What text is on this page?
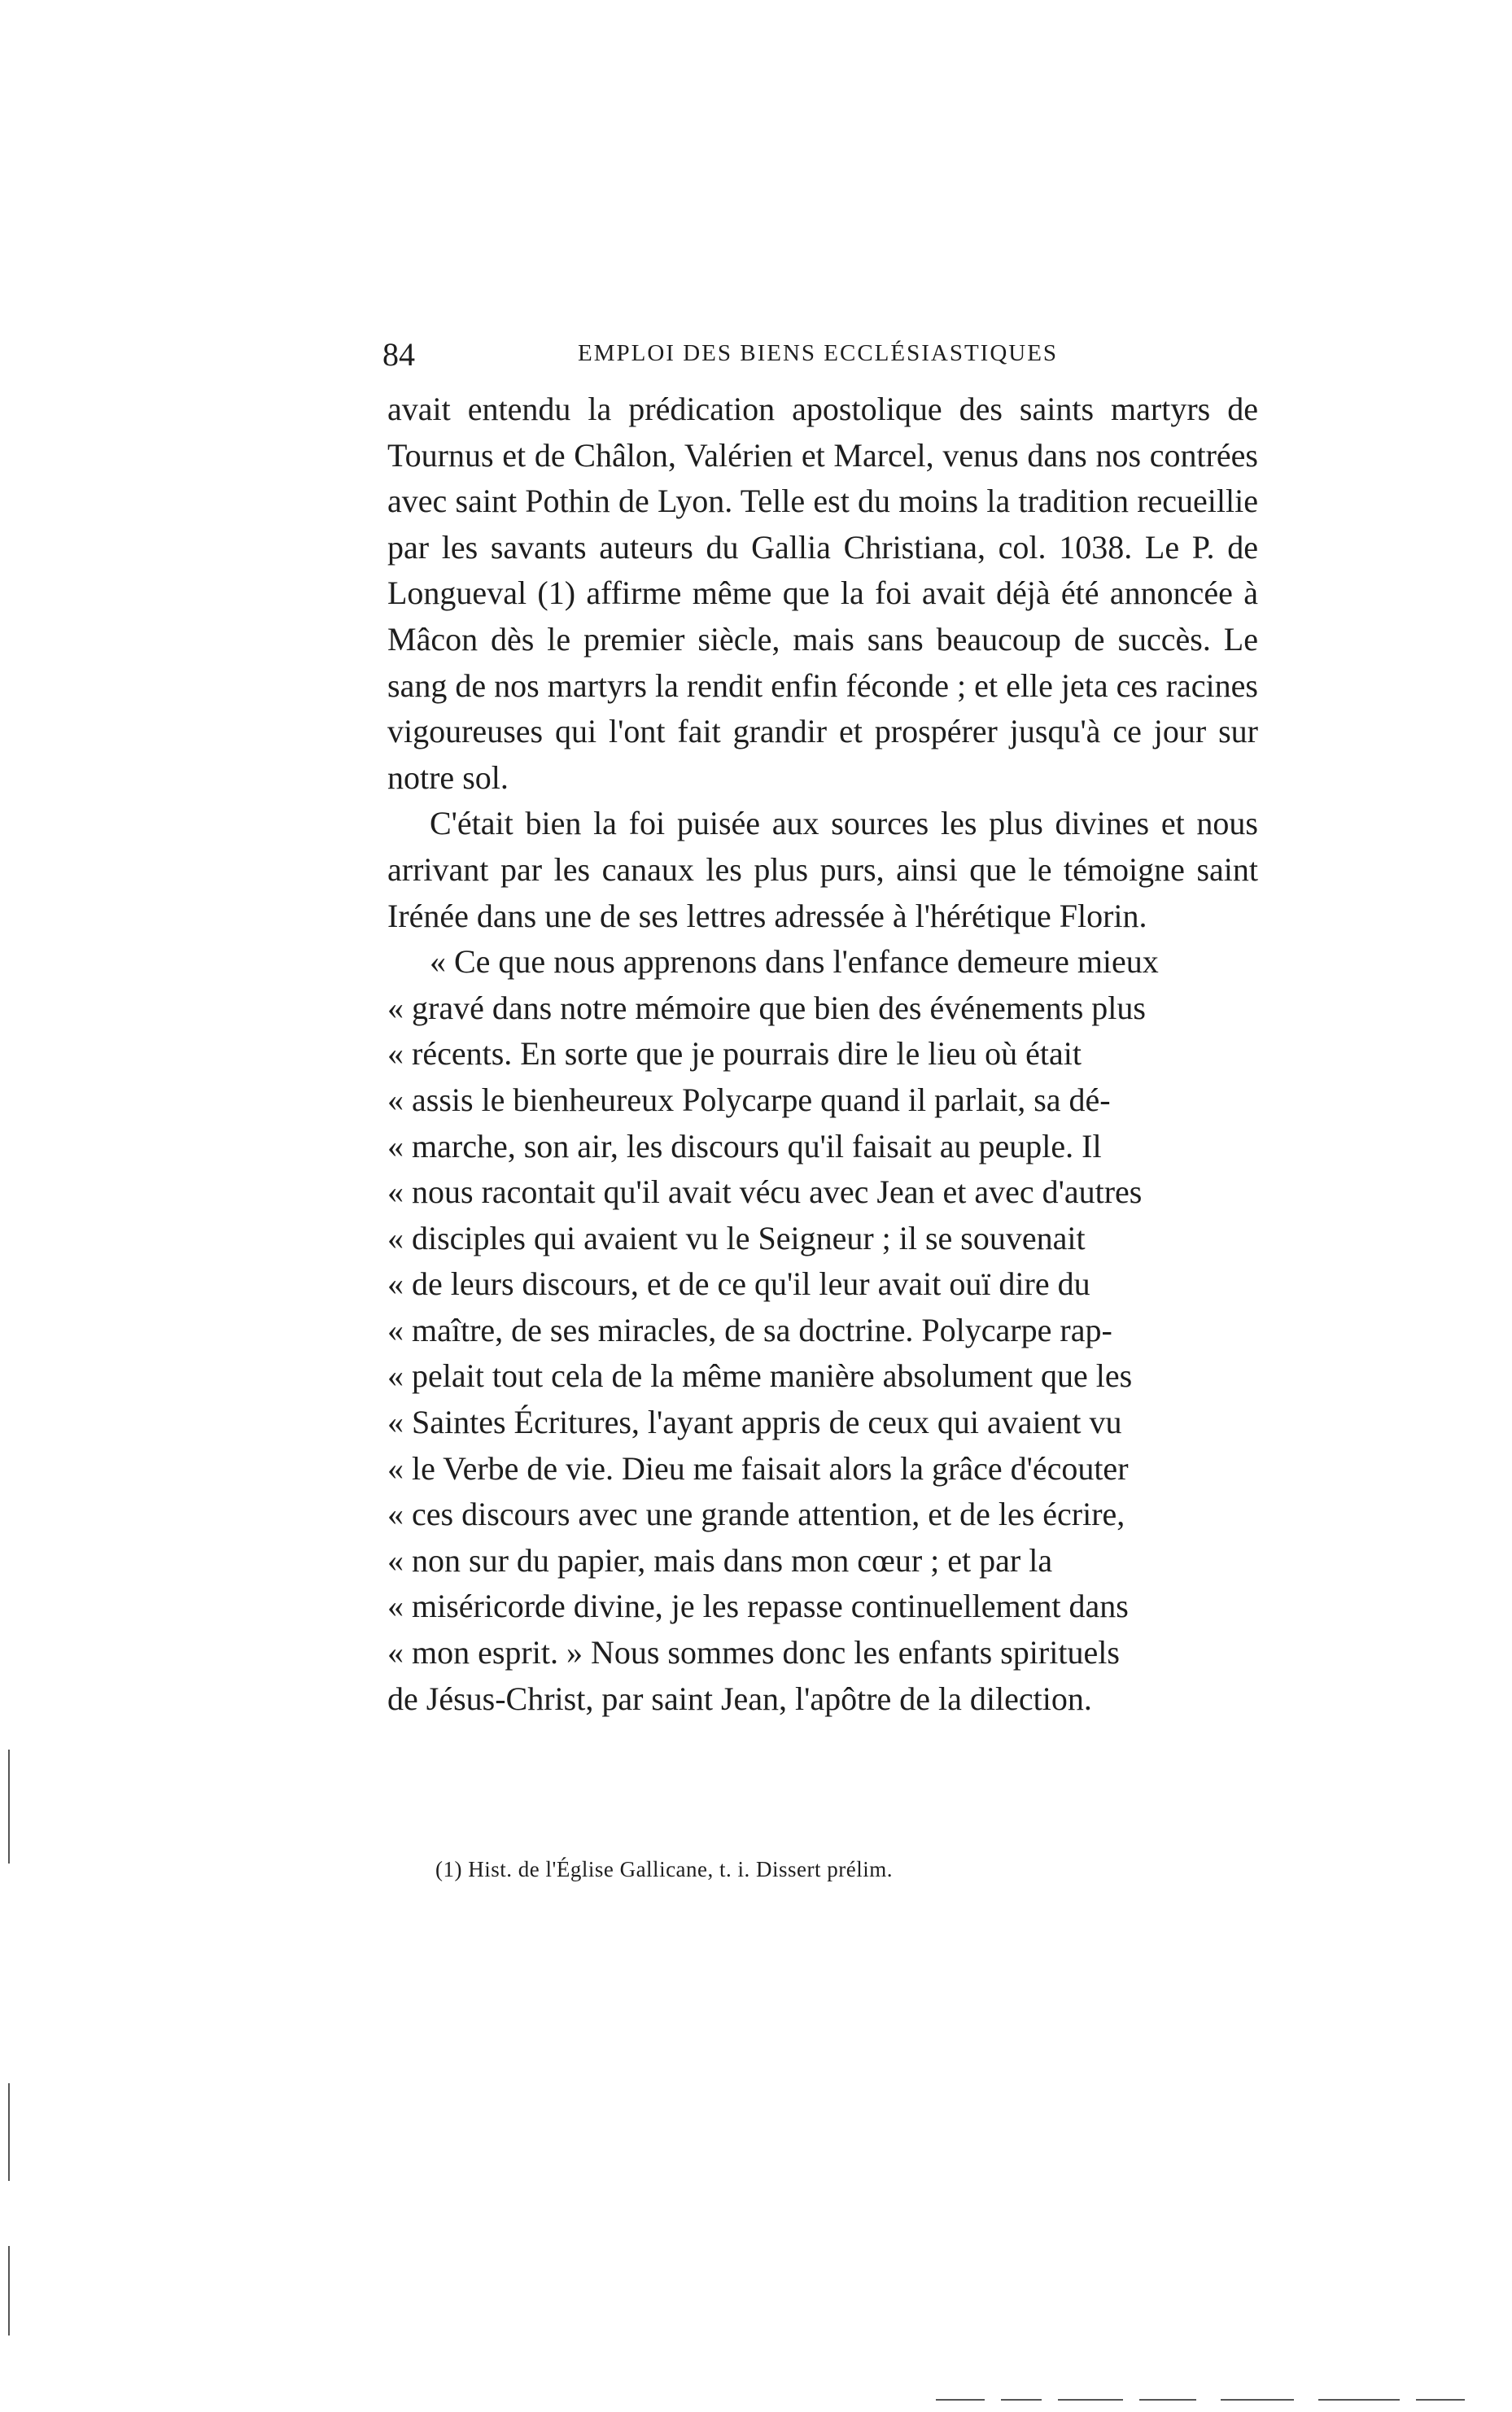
84	EMPLOI DES BIENS ECCLÉSIASTIQUES

avait entendu la prédication apostolique des saints martyrs de Tournus et de Châlon, Valérien et Marcel, venus dans nos contrées avec saint Pothin de Lyon. Telle est du moins la tradition recueillie par les savants auteurs du Gallia Christiana, col. 1038. Le P. de Longueval (1) affirme même que la foi avait déjà été annoncée à Mâcon dès le premier siècle, mais sans beaucoup de succès. Le sang de nos martyrs la rendit enfin féconde ; et elle jeta ces racines vigoureuses qui l'ont fait grandir et prospérer jusqu'à ce jour sur notre sol.

C'était bien la foi puisée aux sources les plus divines et nous arrivant par les canaux les plus purs, ainsi que le témoigne saint Irénée dans une de ses lettres adressée à l'hérétique Florin.

« Ce que nous apprenons dans l'enfance demeure mieux
« gravé dans notre mémoire que bien des événements plus
« récents. En sorte que je pourrais dire le lieu où était
« assis le bienheureux Polycarpe quand il parlait, sa dé-
« marche, son air, les discours qu'il faisait au peuple. Il
« nous racontait qu'il avait vécu avec Jean et avec d'autres
« disciples qui avaient vu le Seigneur ; il se souvenait
« de leurs discours, et de ce qu'il leur avait ouï dire du
« maître, de ses miracles, de sa doctrine. Polycarpe rap-
« pelait tout cela de la même manière absolument que les
« Saintes Écritures, l'ayant appris de ceux qui avaient vu
« le Verbe de vie. Dieu me faisait alors la grâce d'écouter
« ces discours avec une grande attention, et de les écrire,
« non sur du papier, mais dans mon cœur ; et par la
« miséricorde divine, je les repasse continuellement dans
« mon esprit. » Nous sommes donc les enfants spirituels
de Jésus-Christ, par saint Jean, l'apôtre de la dilection.
(1) Hist. de l'Église Gallicane, t. i. Dissert prélim.
